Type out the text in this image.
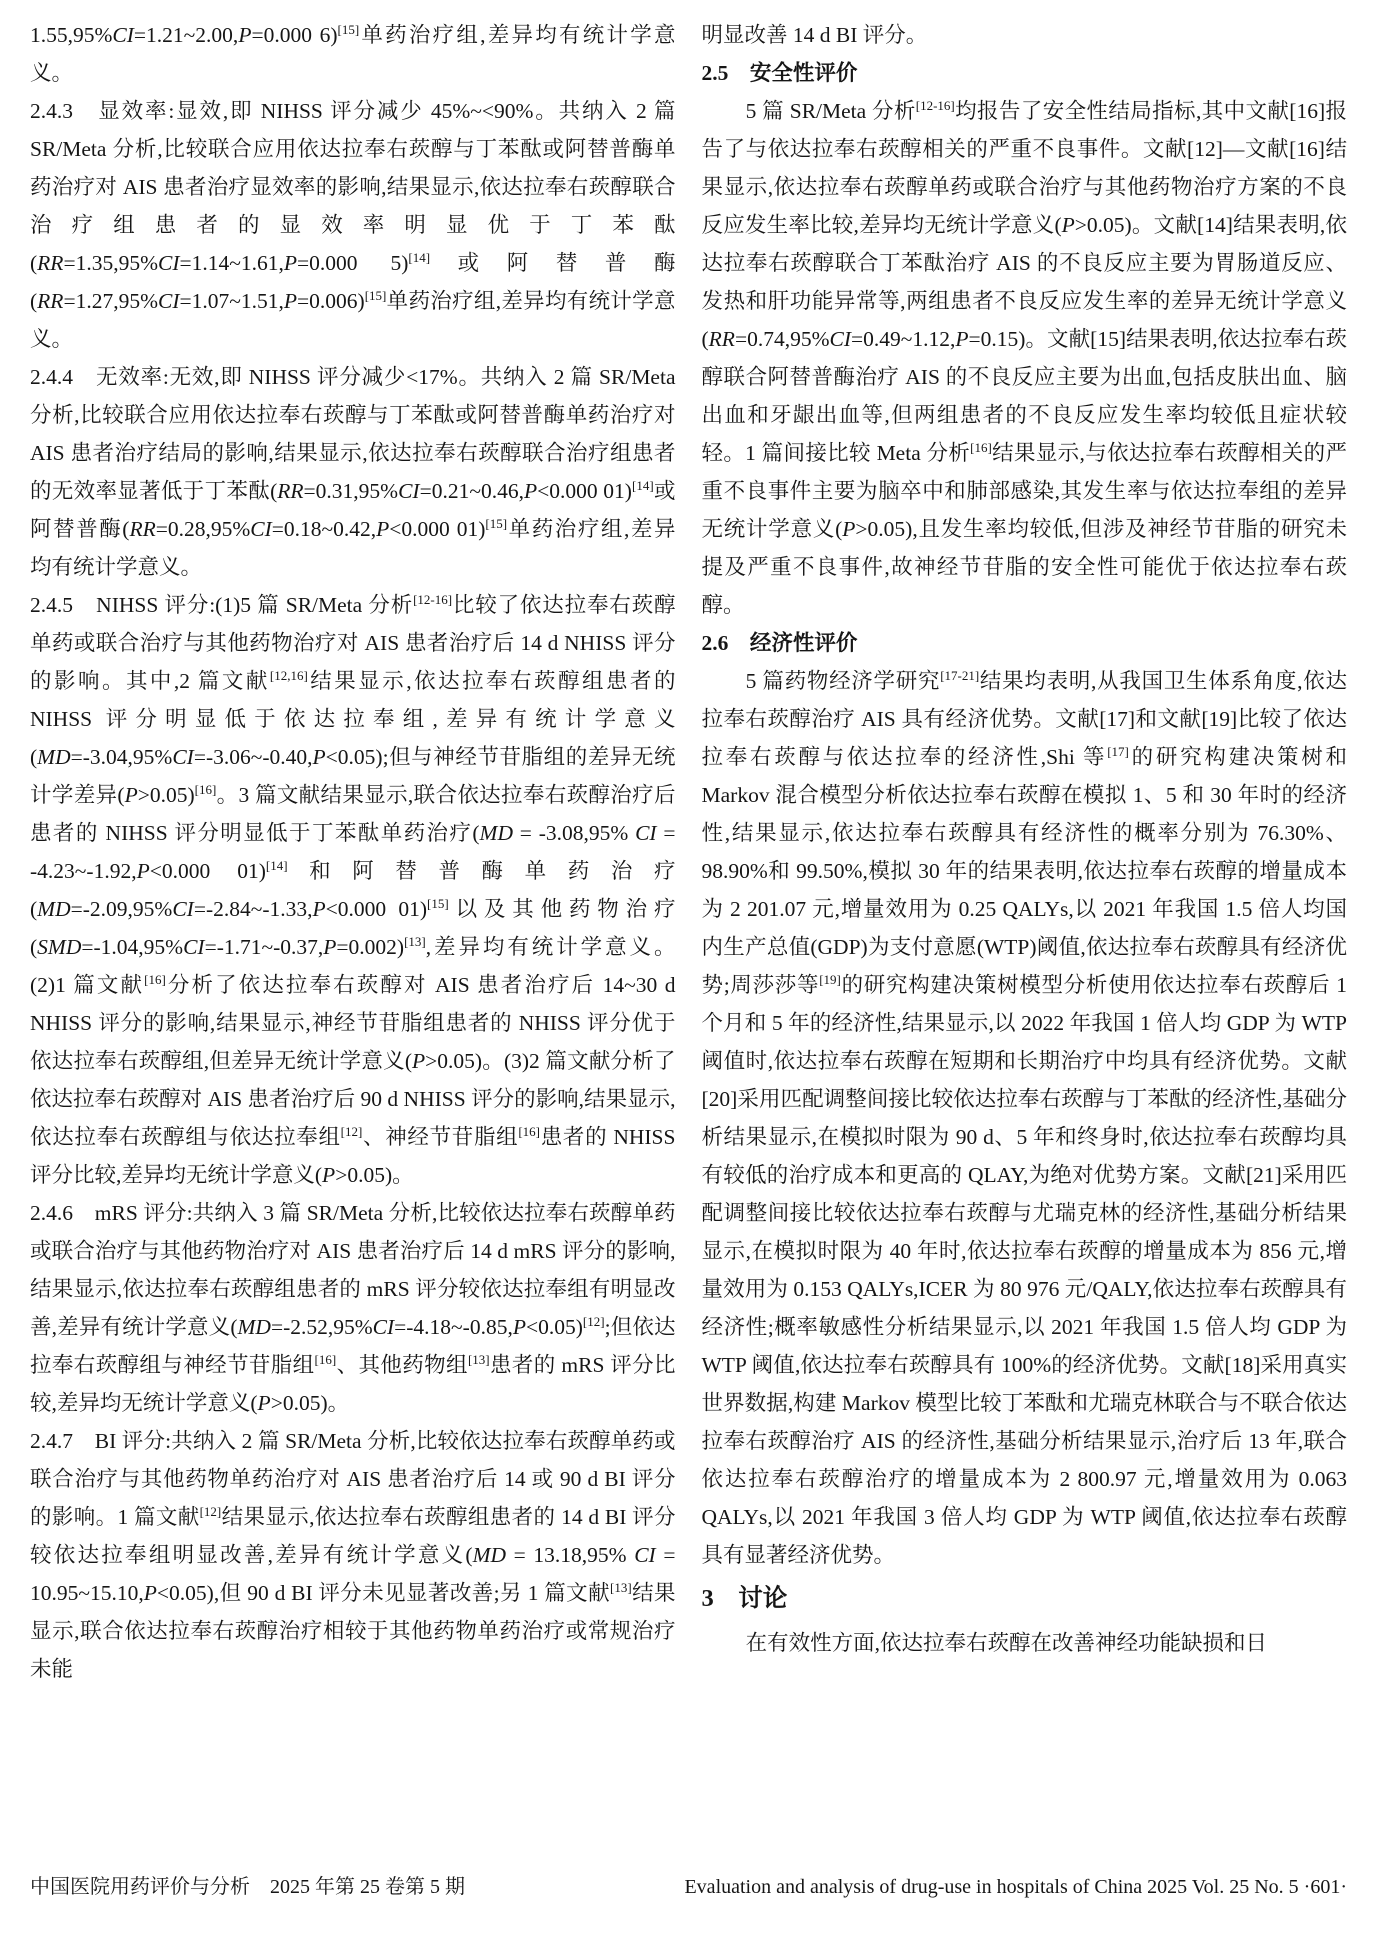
1.55,95%CI=1.21~2.00,P=0.000 6)[15]单药治疗组,差异均有统计学意义。

2.4.3　显效率:显效,即 NIHSS 评分减少 45%~<90%。共纳入 2 篇 SR/Meta 分析,比较联合应用依达拉奉右莰醇与丁苯酞或阿替普酶单药治疗对 AIS 患者治疗显效率的影响,结果显示,依达拉奉右莰醇联合治疗组患者的显效率明显优于丁苯酞(RR=1.35,95%CI=1.14~1.61,P=0.000 5)[14]或阿替普酶(RR=1.27,95%CI=1.07~1.51,P=0.006)[15]单药治疗组,差异均有统计学意义。

2.4.4　无效率:无效,即 NIHSS 评分减少<17%。共纳入 2 篇 SR/Meta 分析,比较联合应用依达拉奉右莰醇与丁苯酞或阿替普酶单药治疗对 AIS 患者治疗结局的影响,结果显示,依达拉奉右莰醇联合治疗组患者的无效率显著低于丁苯酞(RR=0.31,95%CI=0.21~0.46,P<0.000 01)[14]或阿替普酶(RR=0.28,95%CI=0.18~0.42,P<0.000 01)[15]单药治疗组,差异均有统计学意义。

2.4.5　NIHSS 评分:(1)5 篇 SR/Meta 分析[12-16]比较了依达拉奉右莰醇单药或联合治疗与其他药物治疗对 AIS 患者治疗后 14 d NHISS 评分的影响。其中,2 篇文献[12,16]结果显示,依达拉奉右莰醇组患者的 NIHSS 评分明显低于依达拉奉组,差异有统计学意义(MD=-3.04,95%CI=-3.06~-0.40,P<0.05);但与神经节苷脂组的差异无统计学差异(P>0.05)[16]。3 篇文献结果显示,联合依达拉奉右莰醇治疗后患者的 NIHSS 评分明显低于丁苯酞单药治疗(MD = -3.08,95% CI = -4.23~-1.92,P<0.000 01)[14]和阿替普酶单药治疗(MD=-2.09,95%CI=-2.84~-1.33,P<0.000 01)[15]以及其他药物治疗(SMD=-1.04,95%CI=-1.71~-0.37,P=0.002)[13],差异均有统计学意义。(2)1 篇文献[16]分析了依达拉奉右莰醇对 AIS 患者治疗后 14~30 d NHISS 评分的影响,结果显示,神经节苷脂组患者的 NHISS 评分优于依达拉奉右莰醇组,但差异无统计学意义(P>0.05)。(3)2 篇文献分析了依达拉奉右莰醇对 AIS 患者治疗后 90 d NHISS 评分的影响,结果显示,依达拉奉右莰醇组与依达拉奉组[12]、神经节苷脂组[16]患者的 NHISS 评分比较,差异均无统计学意义(P>0.05)。

2.4.6　mRS 评分:共纳入 3 篇 SR/Meta 分析,比较依达拉奉右莰醇单药或联合治疗与其他药物治疗对 AIS 患者治疗后 14 d mRS 评分的影响,结果显示,依达拉奉右莰醇组患者的 mRS 评分较依达拉奉组有明显改善,差异有统计学意义(MD=-2.52,95%CI=-4.18~-0.85,P<0.05)[12];但依达拉奉右莰醇组与神经节苷脂组[16]、其他药物组[13]患者的 mRS 评分比较,差异均无统计学意义(P>0.05)。

2.4.7　BI 评分:共纳入 2 篇 SR/Meta 分析,比较依达拉奉右莰醇单药或联合治疗与其他药物单药治疗对 AIS 患者治疗后 14 或 90 d BI 评分的影响。1 篇文献[12]结果显示,依达拉奉右莰醇组患者的 14 d BI 评分较依达拉奉组明显改善,差异有统计学意义(MD = 13.18,95% CI = 10.95~15.10,P<0.05),但 90 d BI 评分未见显著改善;另 1 篇文献[13]结果显示,联合依达拉奉右莰醇治疗相较于其他药物单药治疗或常规治疗未能

明显改善 14 d BI 评分。

2.5　安全性评价

5 篇 SR/Meta 分析[12-16]均报告了安全性结局指标,其中文献[16]报告了与依达拉奉右莰醇相关的严重不良事件。文献[12]—文献[16]结果显示,依达拉奉右莰醇单药或联合治疗与其他药物治疗方案的不良反应发生率比较,差异均无统计学意义(P>0.05)。文献[14]结果表明,依达拉奉右莰醇联合丁苯酞治疗 AIS 的不良反应主要为胃肠道反应、发热和肝功能异常等,两组患者不良反应发生率的差异无统计学意义(RR=0.74,95%CI=0.49~1.12,P=0.15)。文献[15]结果表明,依达拉奉右莰醇联合阿替普酶治疗 AIS 的不良反应主要为出血,包括皮肤出血、脑出血和牙龈出血等,但两组患者的不良反应发生率均较低且症状较轻。1 篇间接比较 Meta 分析[16]结果显示,与依达拉奉右莰醇相关的严重不良事件主要为脑卒中和肺部感染,其发生率与依达拉奉组的差异无统计学意义(P>0.05),且发生率均较低,但涉及神经节苷脂的研究未提及严重不良事件,故神经节苷脂的安全性可能优于依达拉奉右莰醇。

2.6　经济性评价

5 篇药物经济学研究[17-21]结果均表明,从我国卫生体系角度,依达拉奉右莰醇治疗 AIS 具有经济优势。文献[17]和文献[19]比较了依达拉奉右莰醇与依达拉奉的经济性,Shi 等[17]的研究构建决策树和 Markov 混合模型分析依达拉奉右莰醇在模拟 1、5 和 30 年时的经济性,结果显示,依达拉奉右莰醇具有经济性的概率分别为 76.30%、98.90%和 99.50%,模拟 30 年的结果表明,依达拉奉右莰醇的增量成本为 2 201.07 元,增量效用为 0.25 QALYs,以 2021 年我国 1.5 倍人均国内生产总值(GDP)为支付意愿(WTP)阈值,依达拉奉右莰醇具有经济优势;周莎莎等[19]的研究构建决策树模型分析使用依达拉奉右莰醇后 1 个月和 5 年的经济性,结果显示,以 2022 年我国 1 倍人均 GDP 为 WTP 阈值时,依达拉奉右莰醇在短期和长期治疗中均具有经济优势。文献[20]采用匹配调整间接比较依达拉奉右莰醇与丁苯酞的经济性,基础分析结果显示,在模拟时限为 90 d、5 年和终身时,依达拉奉右莰醇均具有较低的治疗成本和更高的 QLAY,为绝对优势方案。文献[21]采用匹配调整间接比较依达拉奉右莰醇与尤瑞克林的经济性,基础分析结果显示,在模拟时限为 40 年时,依达拉奉右莰醇的增量成本为 856 元,增量效用为 0.153 QALYs,ICER 为 80 976 元/QALY,依达拉奉右莰醇具有经济性;概率敏感性分析结果显示,以 2021 年我国 1.5 倍人均 GDP 为 WTP 阈值,依达拉奉右莰醇具有 100%的经济优势。文献[18]采用真实世界数据,构建 Markov 模型比较丁苯酞和尤瑞克林联合与不联合依达拉奉右莰醇治疗 AIS 的经济性,基础分析结果显示,治疗后 13 年,联合依达拉奉右莰醇治疗的增量成本为 2 800.97 元,增量效用为 0.063 QALYs,以 2021 年我国 3 倍人均 GDP 为 WTP 阈值,依达拉奉右莰醇具有显著经济优势。

3　讨论

在有效性方面,依达拉奉右莰醇在改善神经功能缺损和日

中国医院用药评价与分析　2025 年第 25 卷第 5 期	Evaluation and analysis of drug-use in hospitals of China 2025 Vol. 25 No. 5 ·601·
